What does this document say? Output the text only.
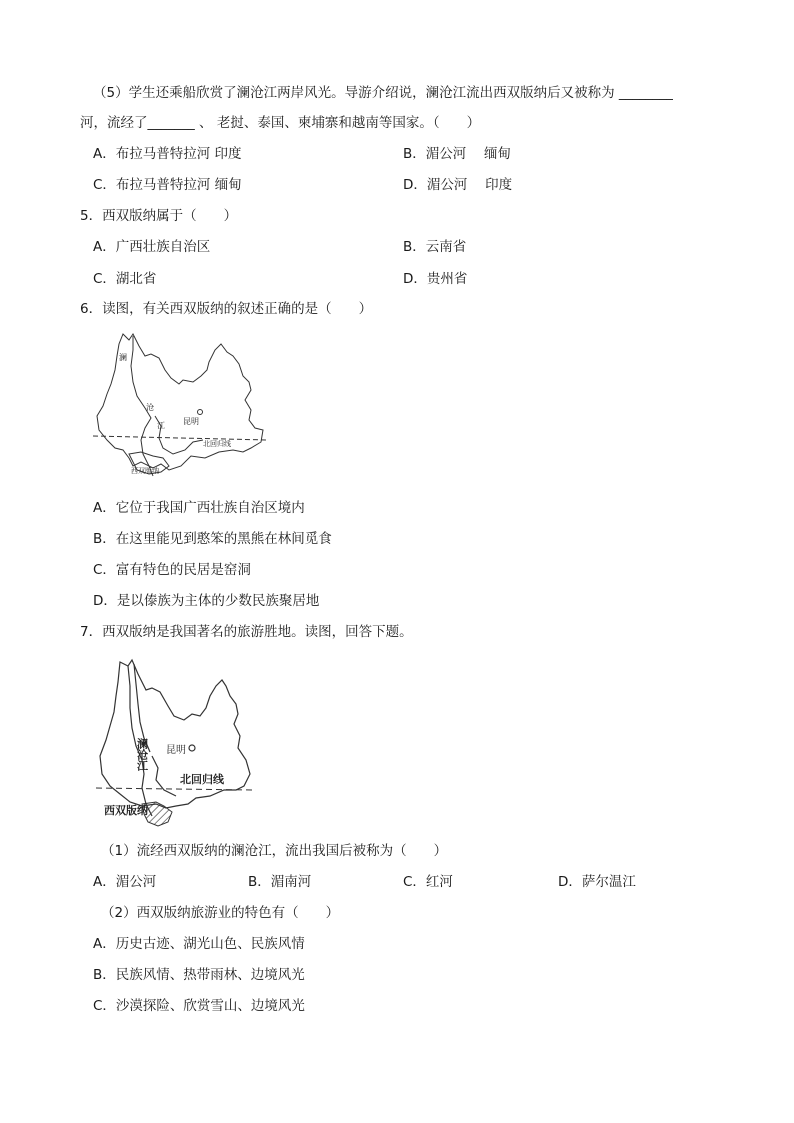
（5）学生还乘船欣赏了澜沧江两岸风光。导游介绍说，澜沧江流出西双版纳后又被称为 ________
河，流经了_______ 、 老挝、泰国、柬埔寨和越南等国家。（　　）
A．布拉马普特拉河 印度	B．湄公河 　缅甸
C．布拉马普特拉河 缅甸	D．湄公河 　印度
5．西双版纳属于（　　）
A．广西壮族自治区	B．云南省
C．湖北省	D．贵州省
6．读图，有关西双版纳的叙述正确的是（　　）
澜
沧
江 昆明
北回归线
西双版纳
A．它位于我国广西壮族自治区境内
B．在这里能见到憨笨的黑熊在林间觅食
C．富有特色的民居是窑洞
D．是以傣族为主体的少数民族聚居地
7．西双版纳是我国著名的旅游胜地。读图，回答下题。
澜沧江 昆明
北回归线
西双版纳
（1）流经西双版纳的澜沧江，流出我国后被称为（　　）
A．湄公河	B．湄南河	C．红河	D．萨尔温江
（2）西双版纳旅游业的特色有（　　）
A．历史古迹、湖光山色、民族风情
B．民族风情、热带雨林、边境风光
C．沙漠探险、欣赏雪山、边境风光
